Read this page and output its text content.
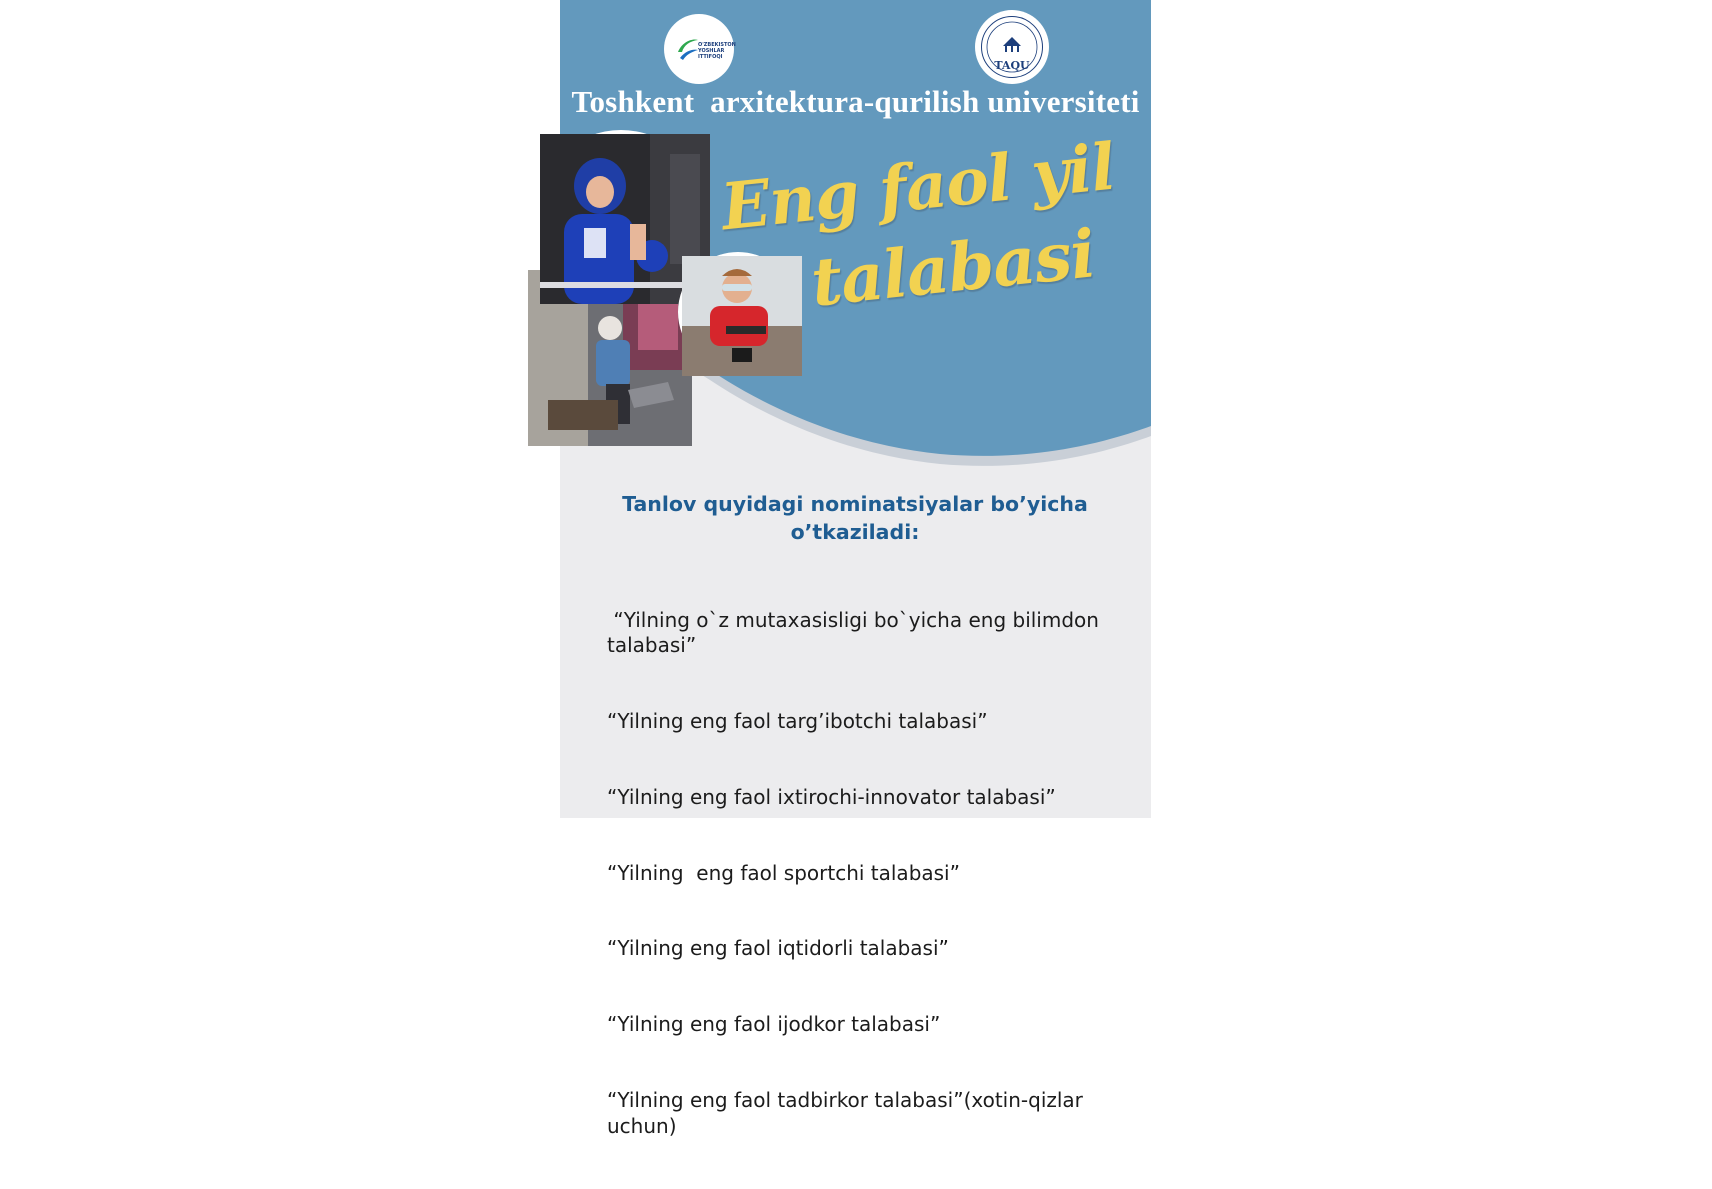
O'ZBEKISTON
YOSHLAR
ITTIFOQI
TAQU
Toshkent  arxitektura-qurilish universiteti
Eng faol yil
talabasi
Tanlov quyidagi nominatsiyalar bo’yicha o’tkaziladi:

“Yilning o`z mutaxasisligi bo`yicha eng bilimdon talabasi”

“Yilning eng faol targ’ibotchi talabasi”

“Yilning eng faol ixtirochi-innovator talabasi”

“Yilning  eng faol sportchi talabasi”

“Yilning eng faol iqtidorli talabasi”

“Yilning eng faol ijodkor talabasi”

“Yilning eng faol tadbirkor talabasi”(xotin-qizlar uchun)
